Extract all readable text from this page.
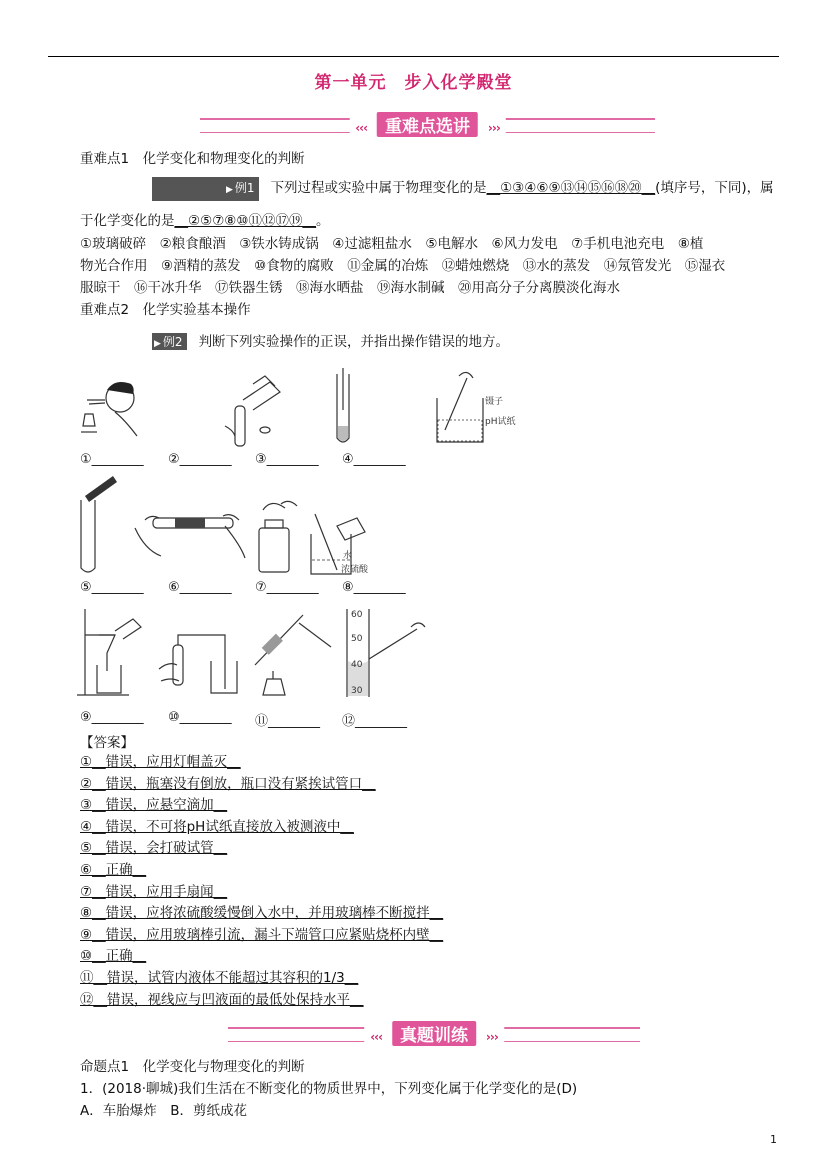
第一单元　步入化学殿堂
‹‹‹ 重难点选讲 ›››
重难点1　化学变化和物理变化的判断
▶ 例1 下列过程或实验中属于物理变化的是__①③④⑥⑨⑬⑭⑮⑯⑱⑳__(填序号，下同)，属
于化学变化的是__②⑤⑦⑧⑩⑪⑫⑰⑲__。
①玻璃破碎　②粮食酿酒　③铁水铸成锅　④过滤粗盐水　⑤电解水　⑥风力发电　⑦手机电池充电　⑧植
物光合作用　⑨酒精的蒸发　⑩食物的腐败　⑪金属的冶炼　⑫蜡烛燃烧　⑬水的蒸发　⑭氖管发光　⑮湿衣
服晾干　⑯干冰升华　⑰铁器生锈　⑱海水晒盐　⑲海水制碱　⑳用高分子分离膜淡化海水
重难点2　化学实验基本操作
▶ 例2 判断下列实验操作的正误，并指出操作错误的地方。
镊子
pH试纸
①________ ②________ ③________ ④________
水
浓硫酸
⑤________ ⑥________ ⑦________ ⑧________
60
50
40
30
⑨________ ⑩________ ⑪________ ⑫________
【答案】
①__错误，应用灯帽盖灭__
②__错误，瓶塞没有倒放，瓶口没有紧挨试管口__
③__错误，应悬空滴加__
④__错误，不可将pH试纸直接放入被测液中__
⑤__错误，会打破试管__
⑥__正确__
⑦__错误，应用手扇闻__
⑧__错误，应将浓硫酸缓慢倒入水中，并用玻璃棒不断搅拌__
⑨__错误，应用玻璃棒引流，漏斗下端管口应紧贴烧杯内壁__
⑩__正确__
⑪__错误，试管内液体不能超过其容积的1/3__
⑫__错误，视线应与凹液面的最低处保持水平__
‹‹‹ 真题训练 ›››
命题点1　化学变化与物理变化的判断
1．(2018·聊城)我们生活在不断变化的物质世界中，下列变化属于化学变化的是(D)
A．车胎爆炸　B．剪纸成花
1
